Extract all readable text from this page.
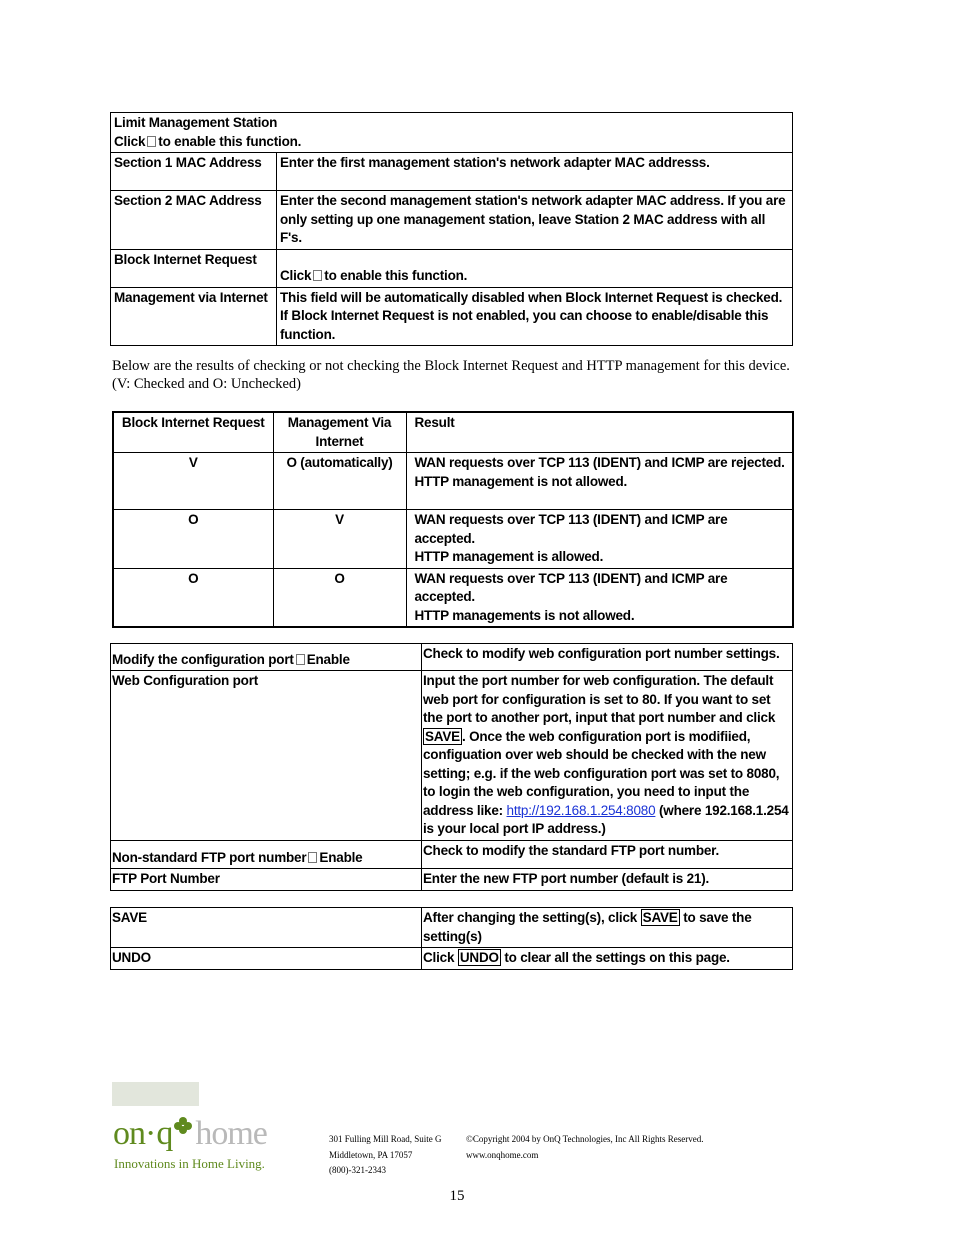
Limit Management Station
Click to enable this function.	

Section 1 MAC Address	Enter the first management station's network adapter MAC addresss.
Section 2 MAC Address	Enter the second management station's network adapter MAC address. If you are only setting up one management station, leave Station 2 MAC address with all F's.
Block Internet Request	Click to enable this function.
Management via Internet	This field will be automatically disabled when Block Internet Request is checked. If Block Internet Request is not enabled, you can choose to enable/disable this function.
Below are the results of checking or not checking the Block Internet Request and HTTP management for this device. (V: Checked and O: Unchecked)
Block Internet Request	Management Via Internet	Result
V	O (automatically)	WAN requests over TCP 113 (IDENT) and ICMP are rejected.
HTTP management is not allowed.

O	V	WAN requests over TCP 113 (IDENT) and ICMP are accepted.
HTTP management is allowed.

O	O	WAN requests over TCP 113 (IDENT) and ICMP are accepted.
HTTP managements is not allowed.
Modify the configuration port Enable	Check to modify web configuration port number settings.
Web Configuration port	Input the port number for web configuration. The default web port for configuration is set to 80. If you want to set the port to another port, input that port number and click SAVE . Once the web configuration port is modifiied, configuation over web should be checked with the new setting; e.g. if the web configuration port was set to 8080, to login the web configuration, you need to input the address like: http://192.168.1.254:8080 (where 192.168.1.254 is your local port IP address.)
Non-standard FTP port number Enable	Check to modify the standard FTP port number.
FTP Port Number	Enter the new FTP port number (default is 21).
SAVE	After changing the setting(s), click SAVE to save the setting(s)
UNDO	Click UNDO to clear all the settings on this page.
on·q home
Innovations in Home Living.
301 Fulling Mill Road, Suite G
Middletown, PA 17057
(800)-321-2343
©Copyright 2004 by OnQ Technologies, Inc All Rights Reserved.
www.onqhome.com
15
